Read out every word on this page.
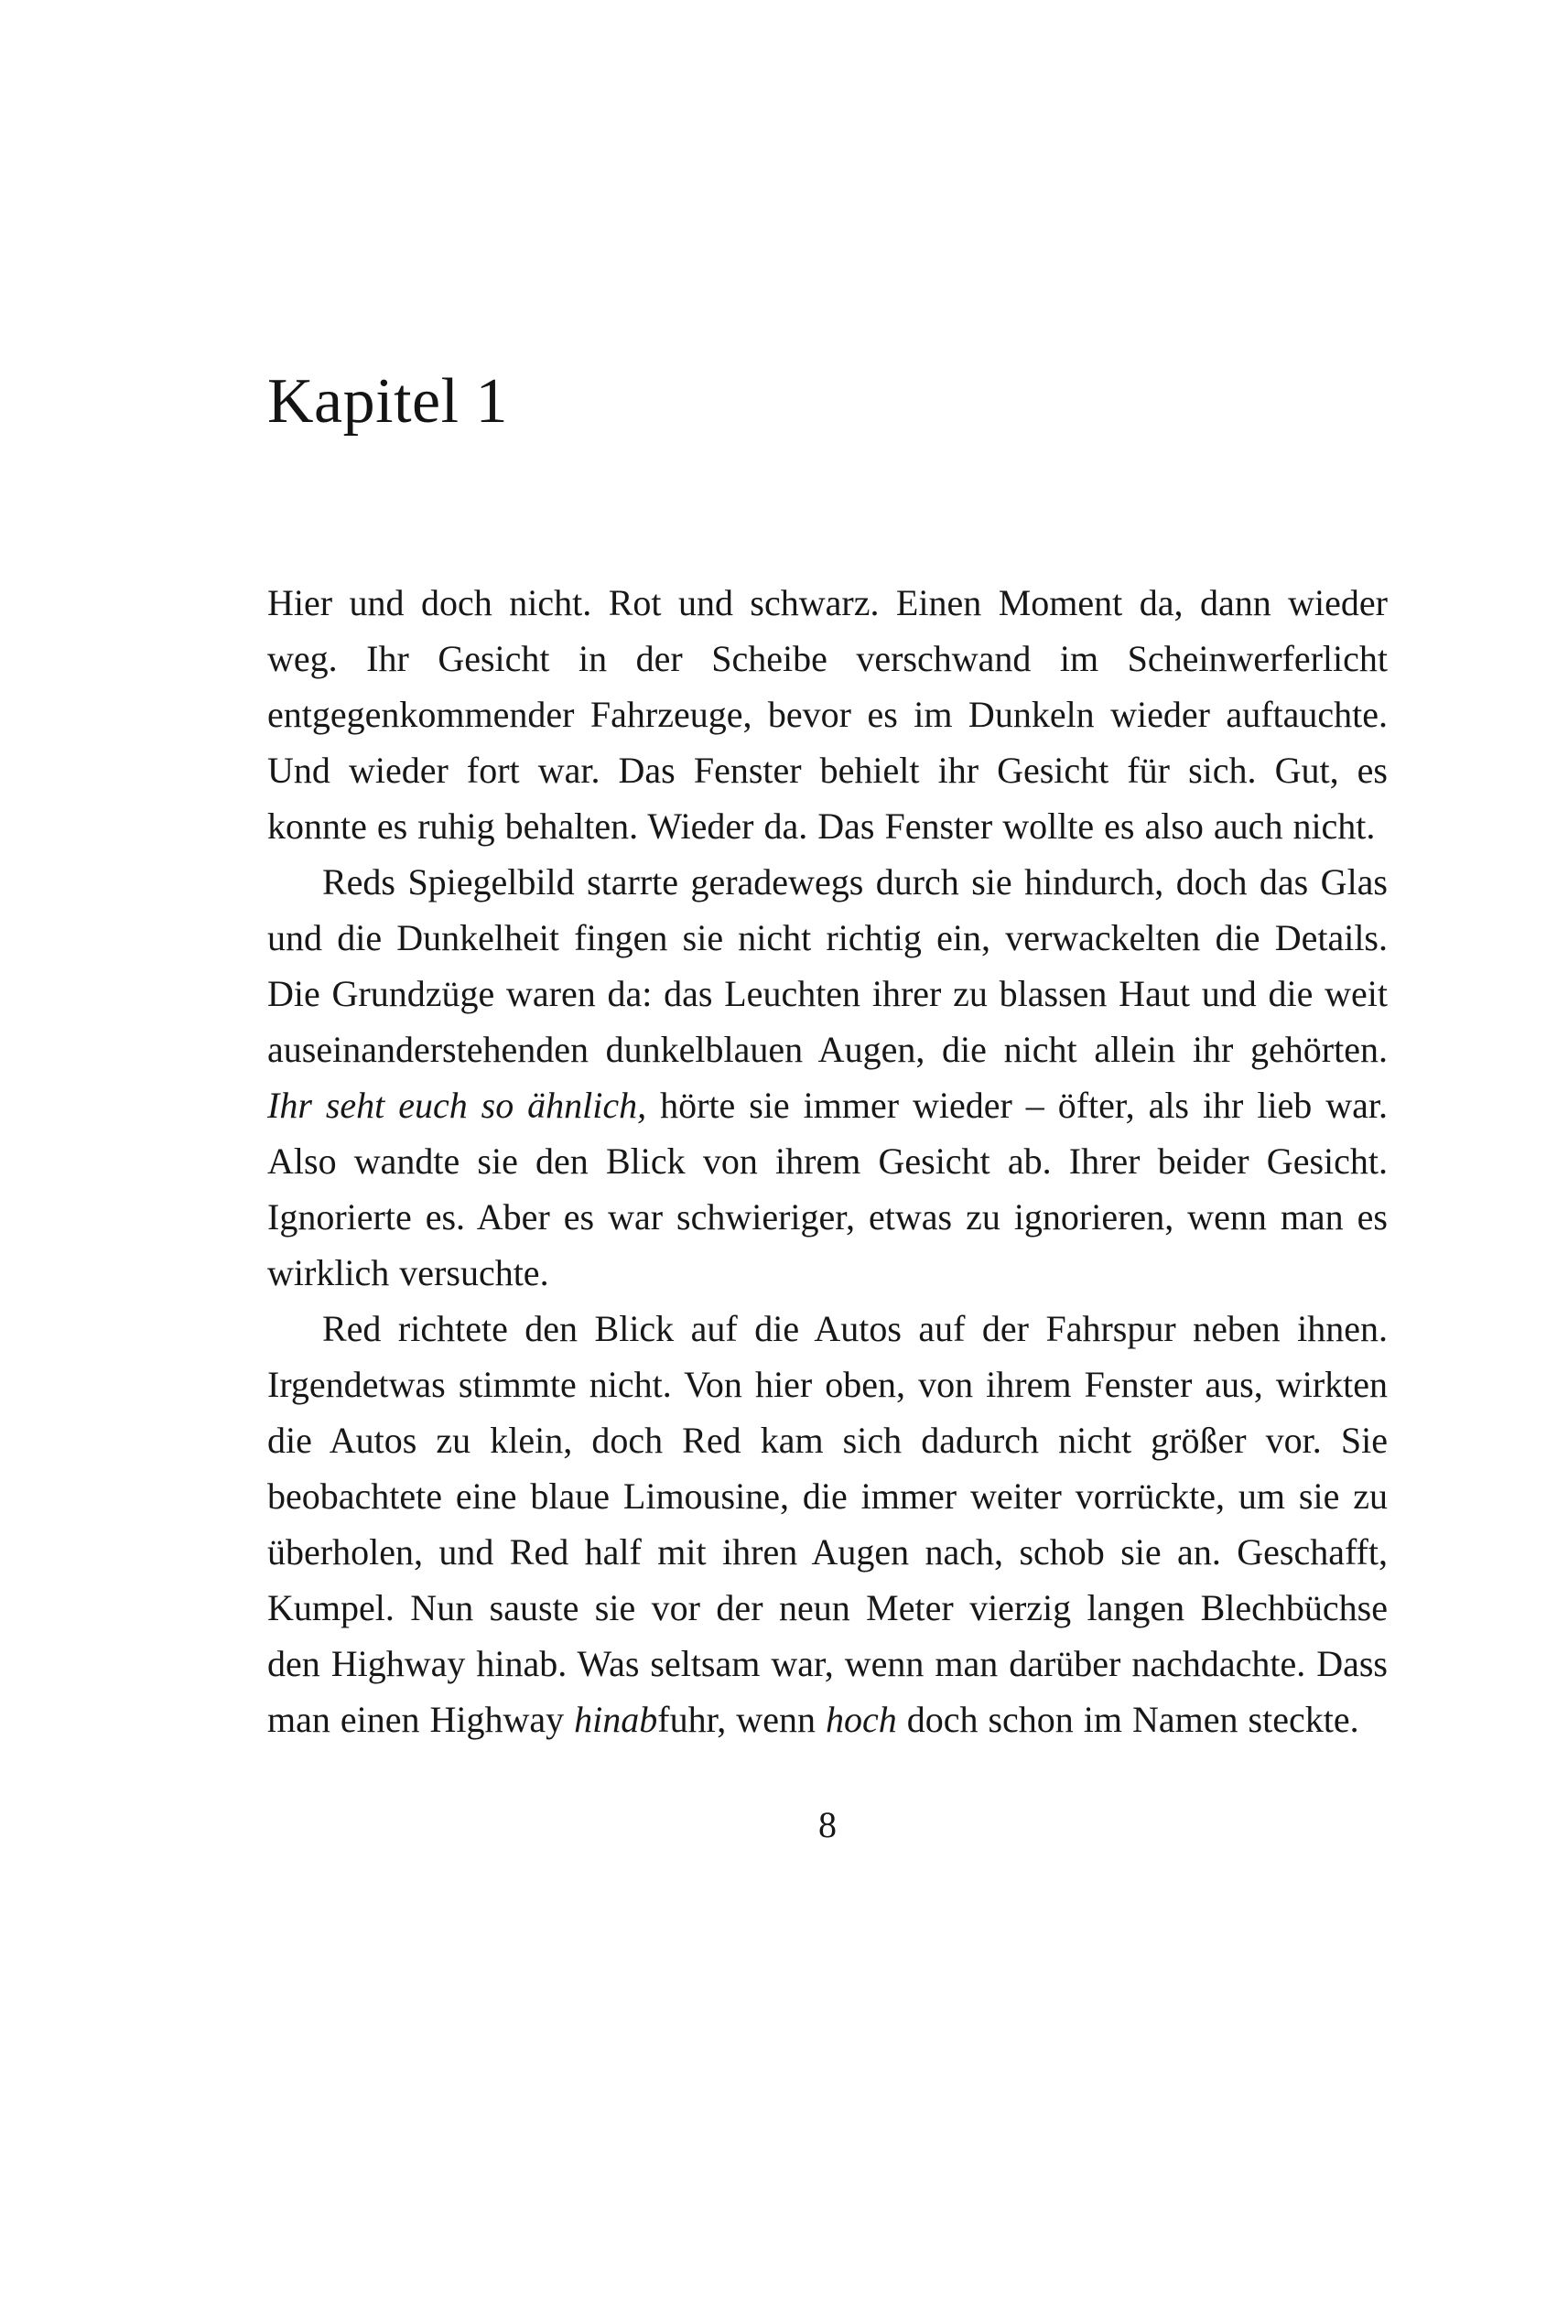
Kapitel 1

Hier und doch nicht. Rot und schwarz. Einen Moment da, dann wieder weg. Ihr Gesicht in der Scheibe verschwand im Scheinwerferlicht entgegenkommender Fahrzeuge, bevor es im Dunkeln wieder auftauchte. Und wieder fort war. Das Fenster behielt ihr Gesicht für sich. Gut, es konnte es ruhig behalten. Wieder da. Das Fenster wollte es also auch nicht.

Reds Spiegelbild starrte geradewegs durch sie hindurch, doch das Glas und die Dunkelheit fingen sie nicht richtig ein, verwackelten die Details. Die Grundzüge waren da: das Leuchten ihrer zu blassen Haut und die weit auseinanderstehenden dunkelblauen Augen, die nicht allein ihr gehörten. Ihr seht euch so ähnlich, hörte sie immer wieder – öfter, als ihr lieb war. Also wandte sie den Blick von ihrem Gesicht ab. Ihrer beider Gesicht. Ignorierte es. Aber es war schwieriger, etwas zu ignorieren, wenn man es wirklich versuchte.

Red richtete den Blick auf die Autos auf der Fahrspur neben ihnen. Irgendetwas stimmte nicht. Von hier oben, von ihrem Fenster aus, wirkten die Autos zu klein, doch Red kam sich dadurch nicht größer vor. Sie beobachtete eine blaue Limousine, die immer weiter vorrückte, um sie zu überholen, und Red half mit ihren Augen nach, schob sie an. Geschafft, Kumpel. Nun sauste sie vor der neun Meter vierzig langen Blechbüchse den Highway hinab. Was seltsam war, wenn man darüber nachdachte. Dass man einen Highway hinabfuhr, wenn hoch doch schon im Namen steckte.

8
